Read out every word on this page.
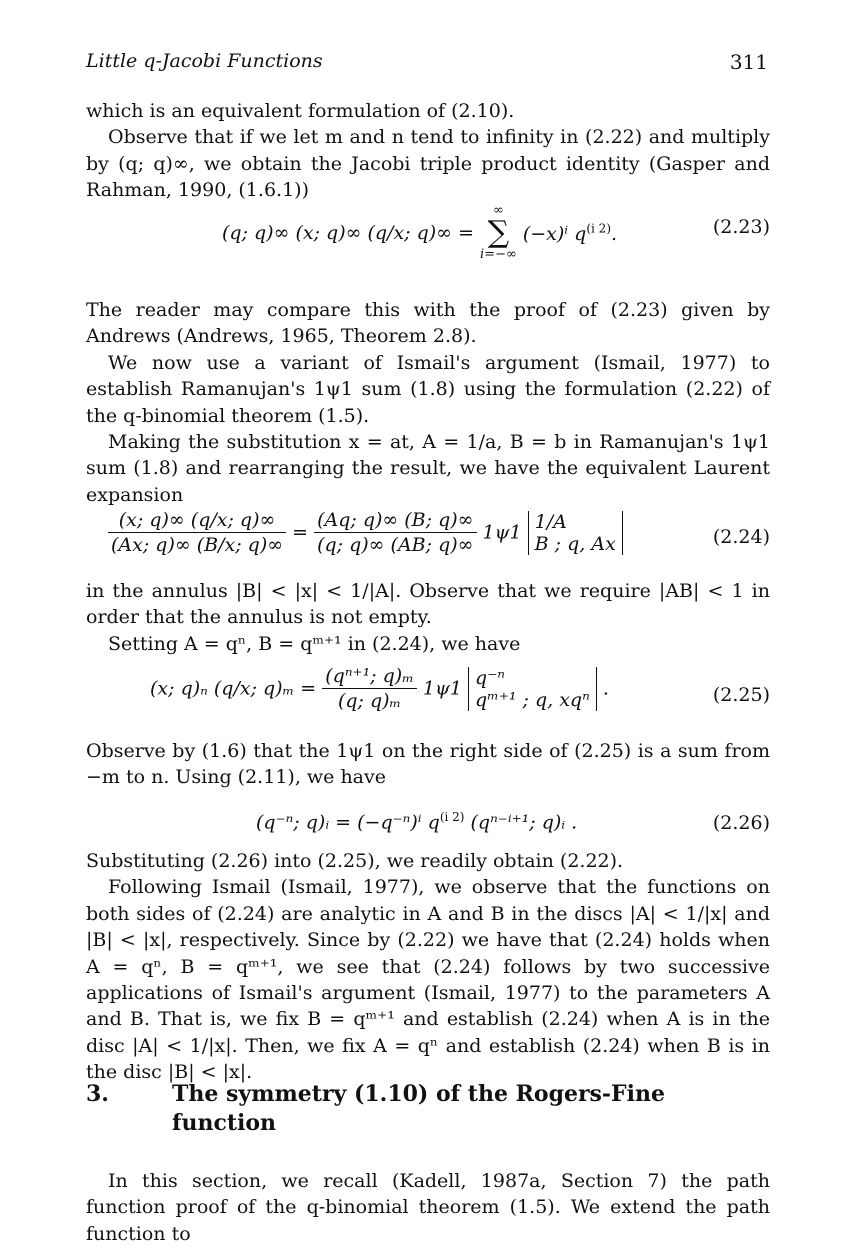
Little q-Jacobi Functions	311

which is an equivalent formulation of (2.10).

Observe that if we let m and n tend to infinity in (2.22) and multiply by (q; q)∞, we obtain the Jacobi triple product identity (Gasper and Rahman, 1990, (1.6.1))

(q; q)∞ (x; q)∞ (q/x; q)∞ =
∞
∑
i=−∞
(−x)ⁱ $q^{(i 2)}$.	(2.23)

The reader may compare this with the proof of (2.23) given by Andrews (Andrews, 1965, Theorem 2.8).

We now use a variant of Ismail's argument (Ismail, 1977) to establish Ramanujan's 1ψ1 sum (1.8) using the formulation (2.22) of the q-binomial theorem (1.5).

Making the substitution x = at, A = 1/a, B = b in Ramanujan's 1ψ1 sum (1.8) and rearranging the result, we have the equivalent Laurent expansion

$\frac{(x; q)\infty (q/x; q)\infty}{(Ax; q)\infty (B/x; q)\infty} = \frac{(Aq; q)\infty (B; q)\infty}{(q; q)\infty (AB; q)\infty} 1\psi 1$ 1/A
B ; q, Ax	(2.24)

in the annulus |B| < |x| < 1/|A|. Observe that we require |AB| < 1 in order that the annulus is not empty.

Setting A = qⁿ, B = qᵐ⁺¹ in (2.24), we have

(x; q)ₙ (q/x; $q)_m = \frac{\text{(qⁿ⁺¹; q)ₘ}}{\text{(q; q)ₘ}} 1\psi 1$ q⁻ⁿ
qᵐ⁺¹ ; q, xqⁿ .	(2.25)

Observe by (1.6) that the 1ψ1 on the right side of (2.25) is a sum from −m to n. Using (2.11), we have

(q⁻ⁿ; q)ᵢ = (−q⁻ⁿ)ⁱ $q^{(i 2)}$ (qⁿ⁻ⁱ⁺¹; q)ᵢ .	(2.26)

Substituting (2.26) into (2.25), we readily obtain (2.22).

Following Ismail (Ismail, 1977), we observe that the functions on both sides of (2.24) are analytic in A and B in the discs |A| < 1/|x| and |B| < |x|, respectively. Since by (2.22) we have that (2.24) holds when A = qⁿ, B = qᵐ⁺¹, we see that (2.24) follows by two successive applications of Ismail's argument (Ismail, 1977) to the parameters A and B. That is, we fix B = qᵐ⁺¹ and establish (2.24) when A is in the disc |A| < 1/|x|. Then, we fix A = qⁿ and establish (2.24) when B is in the disc |B| < |x|.

3.	The symmetry (1.10) of the Rogers-Fine function

In this section, we recall (Kadell, 1987a, Section 7) the path function proof of the q-binomial theorem (1.5). We extend the path function to
